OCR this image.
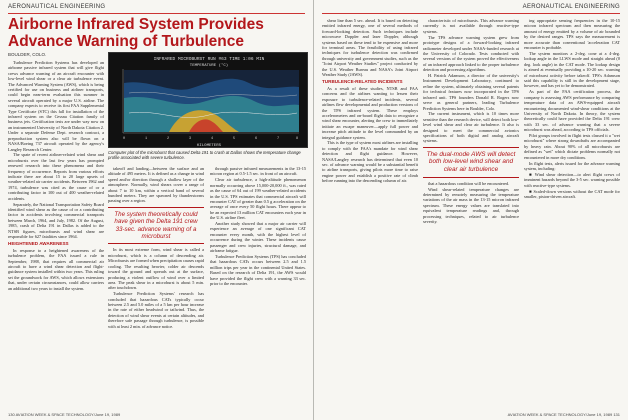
AERONAUTICAL ENGINEERING
Airborne Infrared System Provides
Advance Warning of Turbulence
BOULDER, COLO.

Turbulence Prediction Systems has developed an airborne passive infrared system that will give flight crews advance warning of an aircraft encounter with low-level wind shear or a clear air turbulence event. The Advanced Warning System (AWS), which is being certified for use on business and airliner transports, could begin near-term evaluation this summer in several aircraft operated by a major U.S. airline. The company expects to receive its first FAA Supplemental Type Certificate (STC) this fall for installation of the infrared system on the Cessna Citation family of business jets. Certification tests are under way now on an instrumented University of North Dakota Citation 2. Under a separate Defense Dept. research contract, a preproduction system also will be flown on a NASA/Boeing 737 aircraft operated by the agency's Langley Research Center.

The spate of recent airliner-related wind shear and microbursts over the last few years has prompted renewed research into these phenomena and their frequency of occurrence. Reports from various efforts indicate there are about 15 to 20 large upsets of weather-related air carrier accidents. Between 1962 and 1974, turbulence was cited as the cause of or a contributing factor in 100 out of 400 weather-related accidents.

Separately, the National Transportation Safety Board identified wind shear as the cause of or a contributing factor in accidents involving commercial transports between March, 1964, and July, 1982. Of the August, 1985, crash of Delta 191 in Dallas is added to the NTSB figures, microbursts and wind shear are responsible for 627 fatalities since 1964.

HEIGHTENED AWARENESS

In response to a heightened awareness of the turbulence problem, the FAA issued a rule in September, 1988, that requires all commercial air aircraft to have a wind shear detection and flight-guidance system installed within two years. This ruling set the groundwork for AWS, which allows extensions that, under certain circumstances, could allow carriers an additional two years to install the system.

INFRARED MICROBURST RUN #63 TIME 1:06 MIN
TEMPERATURE (°C)
0	1	2	3	4	5	6	7	8
KILOMETERS
Computer plot of the microburst that caused Delta 191 to crash at Dallas shows the temperature change profile associated with severe turbulence.

takeoff and landing—between the surface and an altitude of 495 meters. It is defined as a change in wind speed and/or direction through a shallow layer of the atmosphere. Normally, wind shears cover a range of about 7 to 10 km, within a vertical band of several hundred meters. They are spawned by thunderstorms passing over a region.

The system theoretically could have given the Delta 191 crew 33-sec. advance warning of a microburst

In its most extreme form, wind shear is called a microburst, which is a column of descending air. Microbursts are formed when precipitation causes rapid cooling. The resulting heavier, colder air descends toward the ground and spreads out at the surface, producing a violent outflow of wind over a limited area. The peak shear in a microburst is about 5 min. after touchdown.

Turbulence Prediction Systems' research has concluded that hazardous CATs typically occur between 2.5 and 5.0 miles of a 5 km per hour increase in the rate of either headwind or tailwind. Thus, the detection of wind shear events at certain altitudes, and therefore safe passage through turbulence, is possible with at least 2 min. of advance notice.

through passive infrared measurements in the 13-15 micron region at 0.5-1.5 sec. in front of an aircraft.

Clear air turbulence, a high-altitude phenomenon normally occurring above 15,000-20,000 ft., was rated as the cause of 64 out of 199 weather-related accidents in the U.S. TPS estimates that commercial aircraft will encounter CAT of greater than 0.5 g acceleration on the average of once every 50 flight hours. There appear to be an expected 13 million CAT encounters each year in the U.S. airline fleet.

Another study showed that a major air carrier will experience an average of one significant CAT encounter every month, with the highest level of occurrence during the winter. These incidents cause passenger and crew injuries, structural damage, and airframe fatigue.

Turbulence Prediction Systems (TPS) has concluded that hazardous CATs occurs between 2.5 and 1.5 million trips per year in the continental United States. Based on the research of Delta 191, the AWS would have provided the flight crew with a warning 33 sec. prior to the encounter.

130 AVIATION WEEK & SPACE TECHNOLOGY/June 19, 1989
AERONAUTICAL ENGINEERING

shear line than 5 sec. ahead. It is based on detecting emitted infrared energy, one of several methods of forward-looking detection. Such techniques include microwave Doppler and laser Doppler, although systems based on these tend to be expensive and more for terminal areas. The feasibility of using infrared techniques for turbulence detection was confirmed through university and government studies, such as the "Joint Airport Weather Studies" project conducted by the U.S. Weather Bureau and NASA's Joint Airport Weather Study (JAWS).

TURBULENCE-RELATED INCIDENTS

As a result of these studies, NTSB and FAA concerns and the airlines wanting to lessen their exposure to turbulence-related incidents, several airlines flew developmental and production versions of the TPS infrared system. These employs accelerometers and on-board flight data to recognize a wind shear encounter, alerting the crew to immediately initiate an escape maneuver—apply full power and increase pitch attitude to the level commanded by an integral guidance system.

This is the type of system most airlines are installing to comply with the FAA's mandate for wind shear detection and flight guidance. However, NASA/Langley research has determined that even 10 sec. of advance warning would be a substantial benefit to airline transports, giving pilots more time to raise engine power and establish a positive rate of climb before running into the descending column of air.

characteristic of microbursts. This advance warning currently is not available through reactive-type systems.

The TPS advance warning system grew from prototype designs of a forward-looking infrared radiometer developed under NASA-funded research at the University of Colorado. Tests conducted with several versions of the system proved the effectiveness of an infrared approach linked to the proper turbulence detection and processing algorithms.

H. Patrick Adamson, a director of the university's Instrument Development Laboratory, continued to refine the system, ultimately obtaining several patents for technical features now incorporated in the TPS infrared unit. TPS founders Donald R. Rogers now serve as general partners, leading Turbulence Prediction Systems here in Boulder, Colo.

The current instrument, which is 10 times more sensitive than the research device, will detect both low-level wind shear and clear air turbulence. It also is designed to meet the commercial avionics specifications of both digital and analog aircraft systems.

The dual-mode AWS will detect both low-level wind shear and clear air turbulence

that a hazardous condition will be encountered.

Wind shear-related temperature changes are determined by remotely measuring the temperature variations of the air mass in the 13-15 micron infrared spectrum. These energy values are translated into equivalent temperature readings and, through processing techniques, related to air turbulence severity.

ing appropriate sensing frequencies in the 10-15 micron infrared spectrum and then measuring the amount of energy emitted by a volume of air bounded by the desired ranges. TPS says the measurement is more accurate than conventional 'acceleration CAT encounter is probable.

The system monitors a 2-deg. cone at a 4-deg. lookup angle in the LLWS mode and straight ahead (0 deg. look angle) in the CAT mode. The lookup design is aimed at eventually providing a 10-20 sec. warning of microburst activity before takeoff. TPS's Adamson said this capability is still in the development stage, however, and has yet to be demonstrated.

As part of the FAA certification process, the company is assessing AWS performance by comparing temperature data of an AWS-equipped aircraft encountering documented wind-shear conditions at the University of North Dakota. In theory, the system theoretically could have provided the Delta 191 crew with 33 sec. of advance warning that a severe microburst was ahead, according to TPS officials.

Pilot groups involved in flight tests classed it a "wet microburst" where strong downdrafts are accompanied by heavy rain. About 90% of all microbursts are defined as "wet" which dictate problems normally not encountered in more dry conditions.

In flight tests, alerts issued for the advance warning system, including:

■ Wind shear detection—to alert flight crews of imminent hazards beyond the 3-5 sec. warning possible with reactive-type systems.

■ Scaled-down versions without the CAT mode for smaller, piston-driven aircraft.

AVIATION WEEK & SPACE TECHNOLOGY/June 19, 1989 131
